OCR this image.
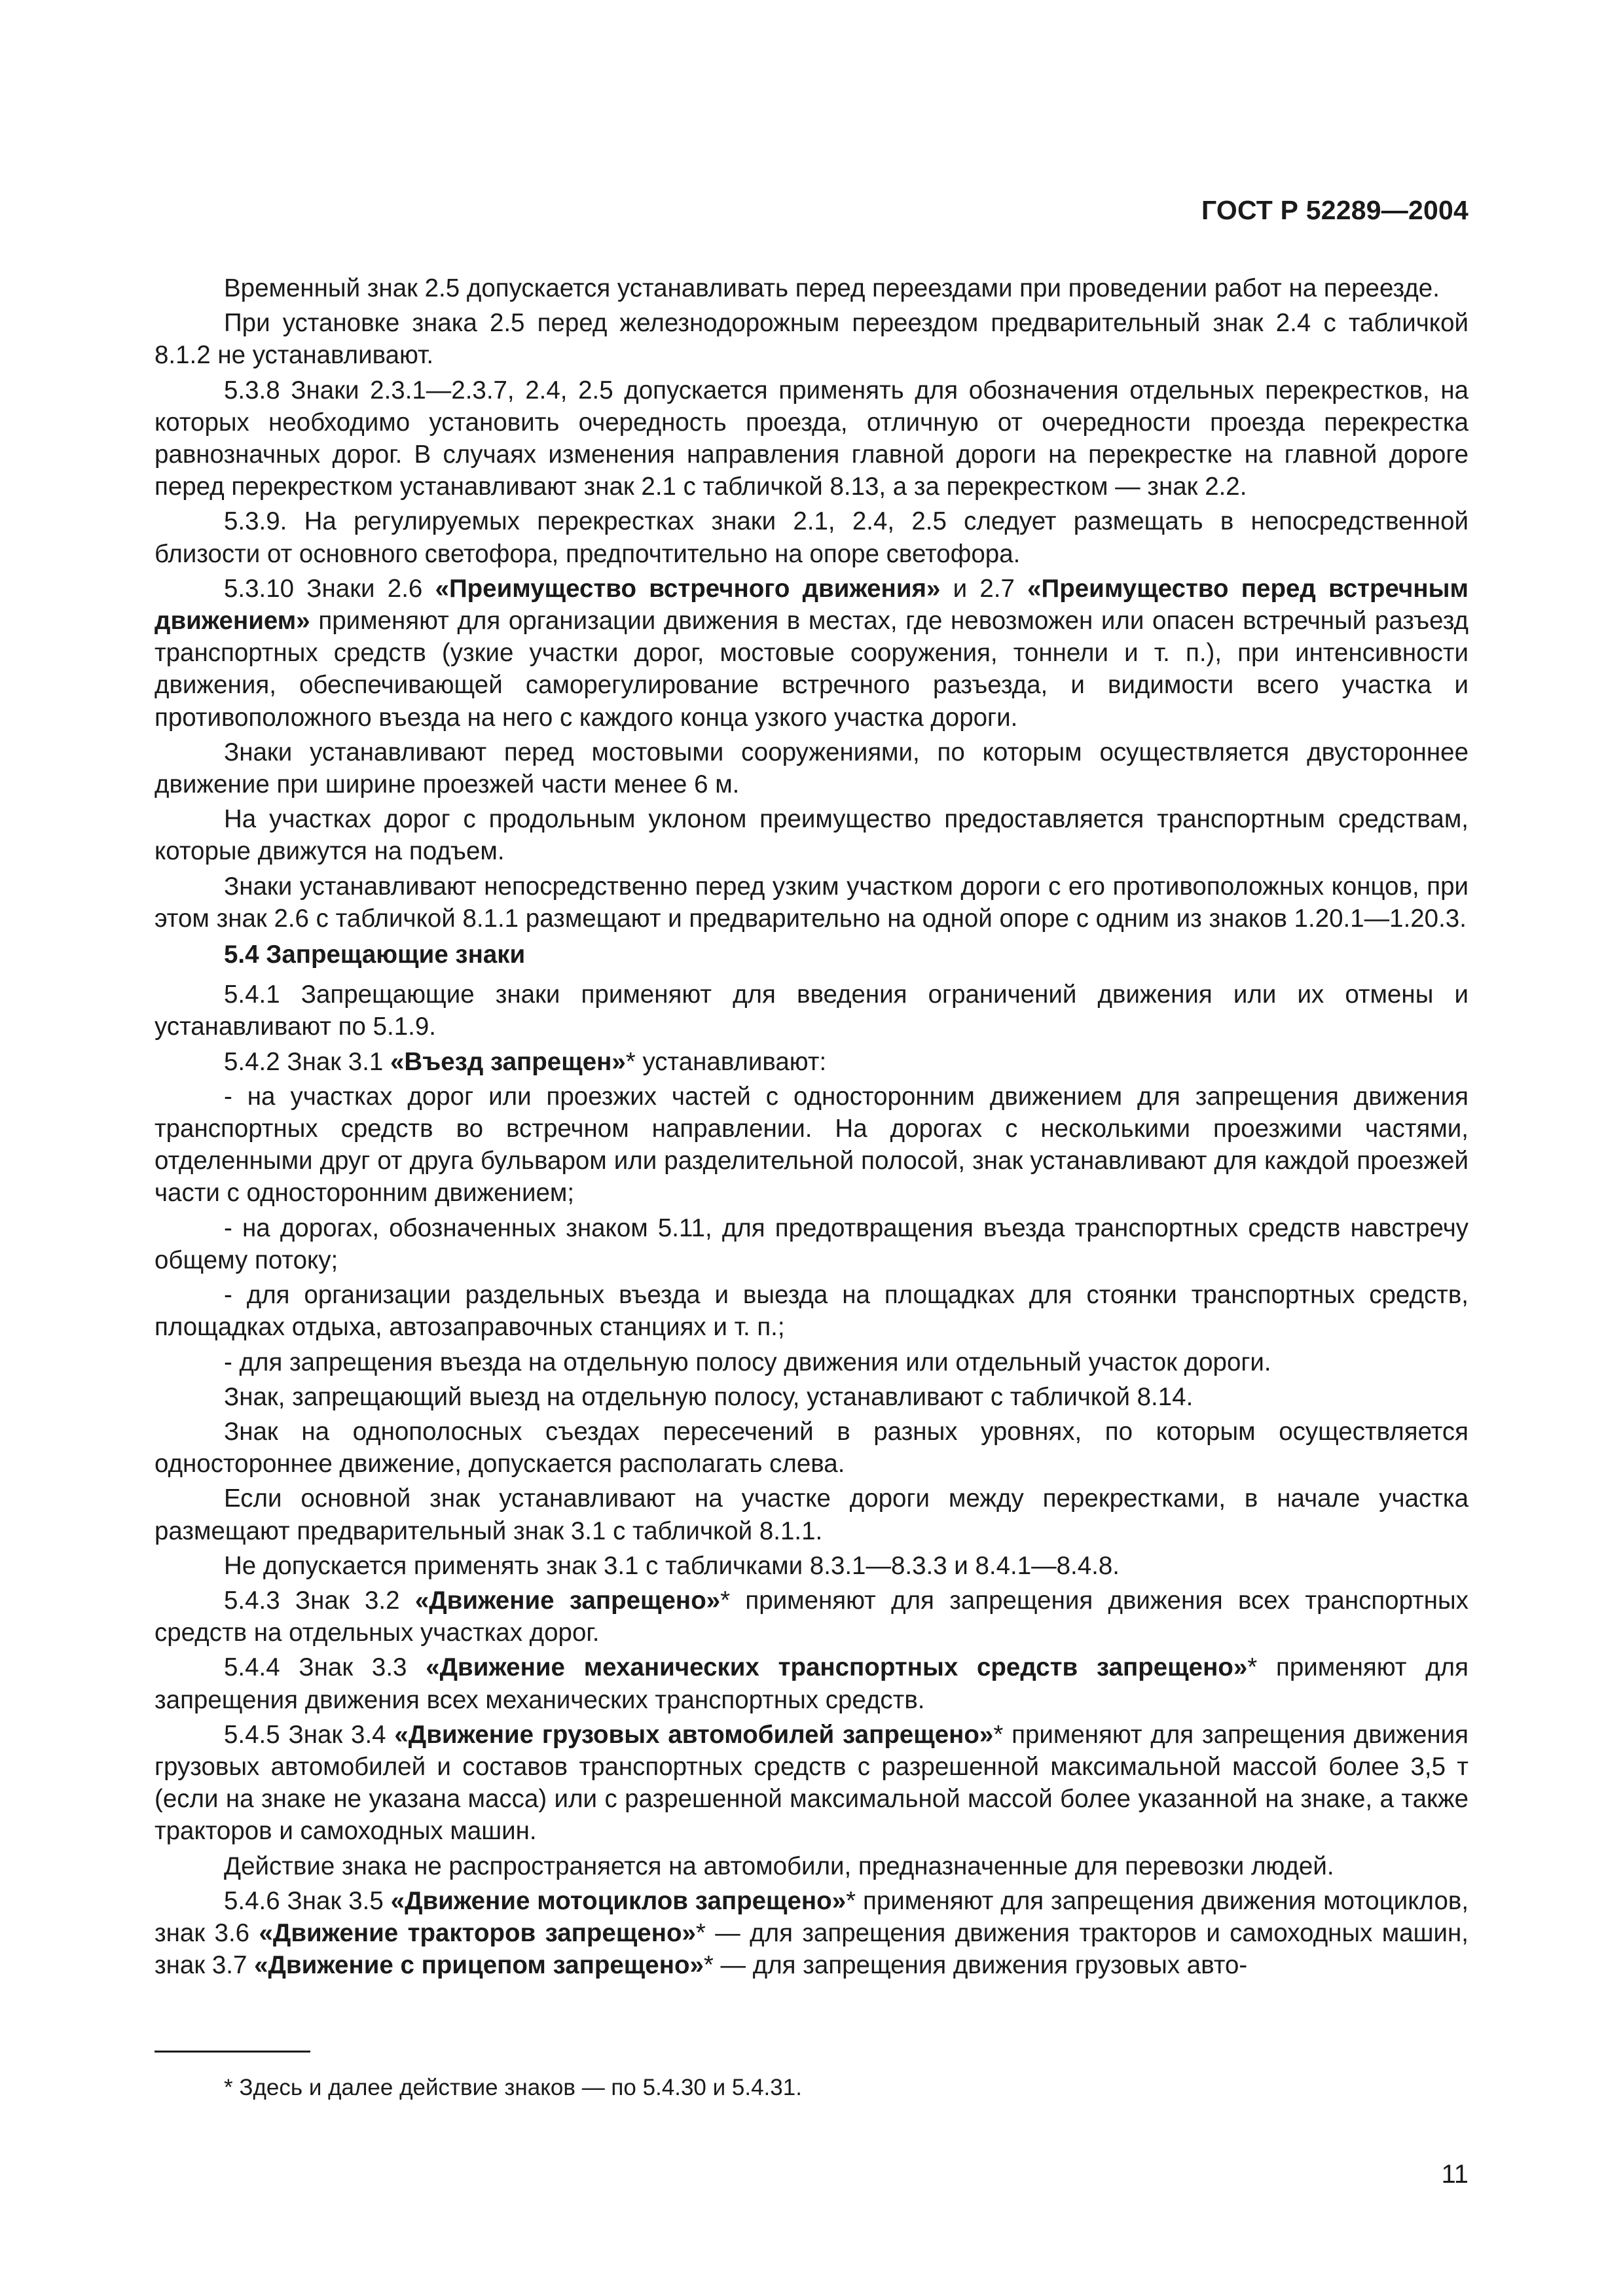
ГОСТ Р 52289—2004

Временный знак 2.5 допускается устанавливать перед переездами при проведении работ на переезде.

При установке знака 2.5 перед железнодорожным переездом предварительный знак 2.4 с табличкой 8.1.2 не устанавливают.

5.3.8 Знаки 2.3.1—2.3.7, 2.4, 2.5 допускается применять для обозначения отдельных перекрестков, на которых необходимо установить очередность проезда, отличную от очередности проезда перекрестка равнозначных дорог. В случаях изменения направления главной дороги на перекрестке на главной дороге перед перекрестком устанавливают знак 2.1 с табличкой 8.13, а за перекрестком — знак 2.2.

5.3.9. На регулируемых перекрестках знаки 2.1, 2.4, 2.5 следует размещать в непосредственной близости от основного светофора, предпочтительно на опоре светофора.

5.3.10 Знаки 2.6 «Преимущество встречного движения» и 2.7 «Преимущество перед встречным движением» применяют для организации движения в местах, где невозможен или опасен встречный разъезд транспортных средств (узкие участки дорог, мостовые сооружения, тоннели и т. п.), при интенсивности движения, обеспечивающей саморегулирование встречного разъезда, и видимости всего участка и противоположного въезда на него с каждого конца узкого участка дороги.

Знаки устанавливают перед мостовыми сооружениями, по которым осуществляется двустороннее движение при ширине проезжей части менее 6 м.

На участках дорог с продольным уклоном преимущество предоставляется транспортным средствам, которые движутся на подъем.

Знаки устанавливают непосредственно перед узким участком дороги с его противоположных концов, при этом знак 2.6 с табличкой 8.1.1 размещают и предварительно на одной опоре с одним из знаков 1.20.1—1.20.3.

5.4 Запрещающие знаки

5.4.1 Запрещающие знаки применяют для введения ограничений движения или их отмены и устанавливают по 5.1.9.

5.4.2 Знак 3.1 «Въезд запрещен»* устанавливают:

- на участках дорог или проезжих частей с односторонним движением для запрещения движения транспортных средств во встречном направлении. На дорогах с несколькими проезжими частями, отделенными друг от друга бульваром или разделительной полосой, знак устанавливают для каждой проезжей части с односторонним движением;

- на дорогах, обозначенных знаком 5.11, для предотвращения въезда транспортных средств навстречу общему потоку;

- для организации раздельных въезда и выезда на площадках для стоянки транспортных средств, площадках отдыха, автозаправочных станциях и т. п.;

- для запрещения въезда на отдельную полосу движения или отдельный участок дороги.

Знак, запрещающий выезд на отдельную полосу, устанавливают с табличкой 8.14.

Знак на однополосных съездах пересечений в разных уровнях, по которым осуществляется одностороннее движение, допускается располагать слева.

Если основной знак устанавливают на участке дороги между перекрестками, в начале участка размещают предварительный знак 3.1 с табличкой 8.1.1.

Не допускается применять знак 3.1 с табличками 8.3.1—8.3.3 и 8.4.1—8.4.8.

5.4.3 Знак 3.2 «Движение запрещено»* применяют для запрещения движения всех транспортных средств на отдельных участках дорог.

5.4.4 Знак 3.3 «Движение механических транспортных средств запрещено»* применяют для запрещения движения всех механических транспортных средств.

5.4.5 Знак 3.4 «Движение грузовых автомобилей запрещено»* применяют для запрещения движения грузовых автомобилей и составов транспортных средств с разрешенной максимальной массой более 3,5 т (если на знаке не указана масса) или с разрешенной максимальной массой более указанной на знаке, а также тракторов и самоходных машин.

Действие знака не распространяется на автомобили, предназначенные для перевозки людей.

5.4.6 Знак 3.5 «Движение мотоциклов запрещено»* применяют для запрещения движения мотоциклов, знак 3.6 «Движение тракторов запрещено»* — для запрещения движения тракторов и самоходных машин, знак 3.7 «Движение с прицепом запрещено»* — для запрещения движения грузовых авто-

* Здесь и далее действие знаков — по 5.4.30 и 5.4.31.
11
